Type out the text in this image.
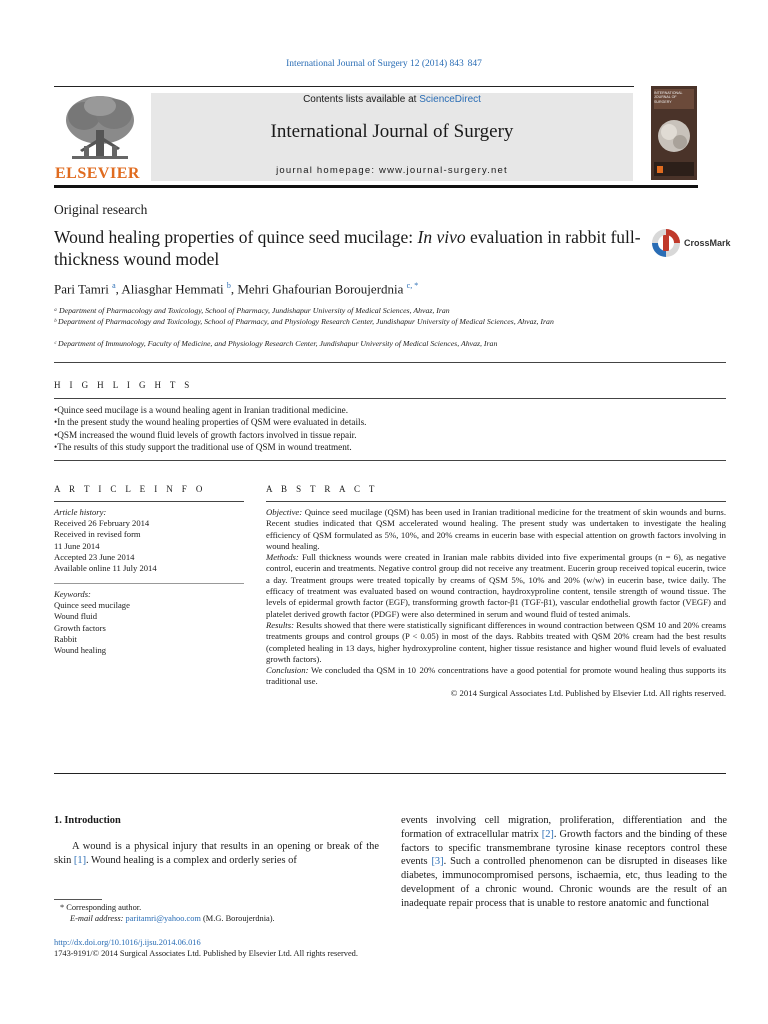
International Journal of Surgery 12 (2014) 843  847
ELSEVIER
Contents lists available at ScienceDirect
International Journal of Surgery
journal homepage: www.journal-surgery.net
INTERNATIONAL JOURNAL OF SURGERY
Original research
Wound healing properties of quince seed mucilage: In vivo evaluation in rabbit full-thickness wound model
CrossMark
Pari Tamri $^a$, Aliasghar Hemmati $^b$, Mehri Ghafourian Boroujerdnia $^{c, *}$
ᵃ Department of Pharmacology and Toxicology, School of Pharmacy, Jundishapur University of Medical Sciences, Ahvaz, Iran
ᵇ Department of Pharmacology and Toxicology, School of Pharmacy, and Physiology Research Center, Jundishapur University of Medical Sciences, Ahvaz, Iran
ᶜ Department of Immunology, Faculty of Medicine, and Physiology Research Center, Jundishapur University of Medical Sciences, Ahvaz, Iran
H I G H L I G H T S
• Quince seed mucilage is a wound healing agent in Iranian traditional medicine.
• In the present study the wound healing properties of QSM were evaluated in details.
• QSM increased the wound fluid levels of growth factors involved in tissue repair.
• The results of this study support the traditional use of QSM in wound treatment.
A R T I C L E I N F O
Article history:
Received 26 February 2014
Received in revised form
11 June 2014
Accepted 23 June 2014
Available online 11 July 2014
Keywords:
Quince seed mucilage
Wound fluid
Growth factors
Rabbit
Wound healing
A B S T R A C T

Objective: Quince seed mucilage (QSM) has been used in Iranian traditional medicine for the treatment of skin wounds and burns. Recent studies indicated that QSM accelerated wound healing. The present study was undertaken to investigate the healing efficiency of QSM formulated as 5%, 10%, and 20% creams in eucerin base with especial attention on growth factors involving in wound healing.

Methods: Full thickness wounds were created in Iranian male rabbits divided into five experimental groups (n = 6), as negative control, eucerin and treatments. Negative control group did not receive any treatment. Eucerin group received topical eucerin, twice a day. Treatment groups were treated topically by creams of QSM 5%, 10% and 20% (w/w) in eucerin base, twice daily. The efficacy of treatment was evaluated based on wound contraction, haydroxyproline content, tensile strength of wound tissue. The levels of epidermal growth factor (EGF), transforming growth factor-β1 (TGF-β1), vascular endothelial growth factor (VEGF) and platelet derived growth factor (PDGF) were also determined in serum and wound fluid of tested animals.

Results: Results showed that there were statistically significant differences in wound contraction between QSM 10 and 20% creams treatments groups and control groups (P < 0.05) in most of the days. Rabbits treated with QSM 20% cream had the best results (completed healing in 13 days, higher hydroxyproline content, higher tissue resistance and higher wound fluid levels of evaluated growth factors).

Conclusion: We concluded tha QSM in 10  20% concentrations have a good potential for promote wound healing thus supports its traditional use.

© 2014 Surgical Associates Ltd. Published by Elsevier Ltd. All rights reserved.

1. Introduction

A wound is a physical injury that results in an opening or break of the skin [1]. Wound healing is a complex and orderly series of

events involving cell migration, proliferation, differentiation and the formation of extracellular matrix [2]. Growth factors and the binding of these factors to specific transmembrane tyrosine kinase receptors control these events [3]. Such a controlled phenomenon can be disrupted in diseases like diabetes, immunocompromised persons, ischaemia, etc, thus leading to the development of a chronic wound. Chronic wounds are the result of an inadequate repair process that is unable to restore anatomic and functional
* Corresponding author.
E-mail address: paritamri@yahoo.com (M.G. Boroujerdnia).
http://dx.doi.org/10.1016/j.ijsu.2014.06.016
1743-9191/© 2014 Surgical Associates Ltd. Published by Elsevier Ltd. All rights reserved.
